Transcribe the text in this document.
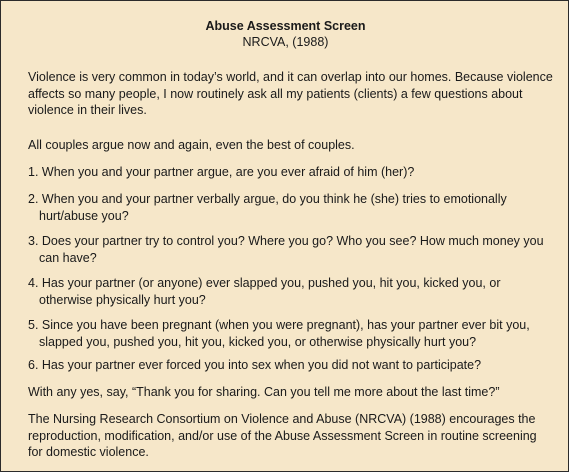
Abuse Assessment Screen

NRCVA, (1988)

Violence is very common in today’s world, and it can overlap into our homes. Because violence affects so many people, I now routinely ask all my patients (clients) a few questions about violence in their lives.

All couples argue now and again, even the best of couples.

1. When you and your partner argue, are you ever afraid of him (her)?

2. When you and your partner verbally argue, do you think he (she) tries to emotionally hurt/abuse you?

3. Does your partner try to control you? Where you go? Who you see? How much money you can have?

4. Has your partner (or anyone) ever slapped you, pushed you, hit you, kicked you, or otherwise physically hurt you?

5. Since you have been pregnant (when you were pregnant), has your partner ever bit you, slapped you, pushed you, hit you, kicked you, or otherwise physically hurt you?

6. Has your partner ever forced you into sex when you did not want to participate?

With any yes, say, “Thank you for sharing. Can you tell me more about the last time?”

The Nursing Research Consortium on Violence and Abuse (NRCVA) (1988) encourages the reproduction, modification, and/or use of the Abuse Assessment Screen in routine screening for domestic violence.
